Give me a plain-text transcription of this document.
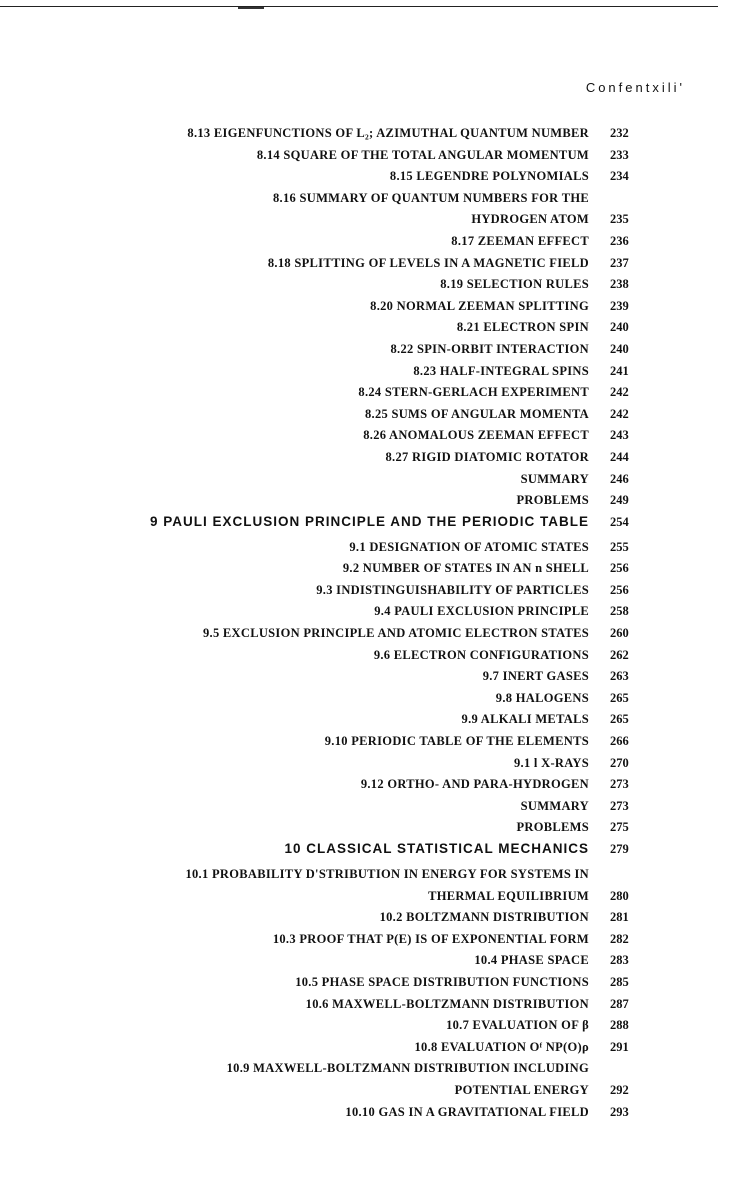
Confentxili'
8.13 EIGENFUNCTIONS OF L₂; AZIMUTHAL QUANTUM NUMBER 232
8.14 SQUARE OF THE TOTAL ANGULAR MOMENTUM 233
8.15 LEGENDRE POLYNOMIALS 234
8.16 SUMMARY OF QUANTUM NUMBERS FOR THE
HYDROGEN ATOM 235
8.17 ZEEMAN EFFECT 236
8.18 SPLITTING OF LEVELS IN A MAGNETIC FIELD 237
8.19 SELECTION RULES 238
8.20 NORMAL ZEEMAN SPLITTING 239
8.21 ELECTRON SPIN 240
8.22 SPIN-ORBIT INTERACTION 240
8.23 HALF-INTEGRAL SPINS 241
8.24 STERN-GERLACH EXPERIMENT 242
8.25 SUMS OF ANGULAR MOMENTA 242
8.26 ANOMALOUS ZEEMAN EFFECT 243
8.27 RIGID DIATOMIC ROTATOR 244
SUMMARY 246
PROBLEMS 249
9 PAULI EXCLUSION PRINCIPLE AND THE PERIODIC TABLE 254
9.1 DESIGNATION OF ATOMIC STATES 255
9.2 NUMBER OF STATES IN AN n SHELL 256
9.3 INDISTINGUISHABILITY OF PARTICLES 256
9.4 PAULI EXCLUSION PRINCIPLE 258
9.5 EXCLUSION PRINCIPLE AND ATOMIC ELECTRON STATES 260
9.6 ELECTRON CONFIGURATIONS 262
9.7 INERT GASES 263
9.8 HALOGENS 265
9.9 ALKALI METALS 265
9.10 PERIODIC TABLE OF THE ELEMENTS 266
9.1 l X-RAYS 270
9.12 ORTHO- AND PARA-HYDROGEN 273
SUMMARY 273
PROBLEMS 275
10 CLASSICAL STATISTICAL MECHANICS 279
10.1 PROBABILITY D'STRIBUTION IN ENERGY FOR SYSTEMS IN
THERMAL EQUILIBRIUM 280
10.2 BOLTZMANN DISTRIBUTION 281
10.3 PROOF THAT P(E) IS OF EXPONENTIAL FORM 282
10.4 PHASE SPACE 283
10.5 PHASE SPACE DISTRIBUTION FUNCTIONS 285
10.6 MAXWELL-BOLTZMANN DISTRIBUTION 287
10.7 EVALUATION OF β 288
10.8 EVALUATION Oᶠ NP(O)ρ 291
10.9 MAXWELL-BOLTZMANN DISTRIBUTION INCLUDING
POTENTIAL ENERGY 292
10.10 GAS IN A GRAVITATIONAL FIELD 293
